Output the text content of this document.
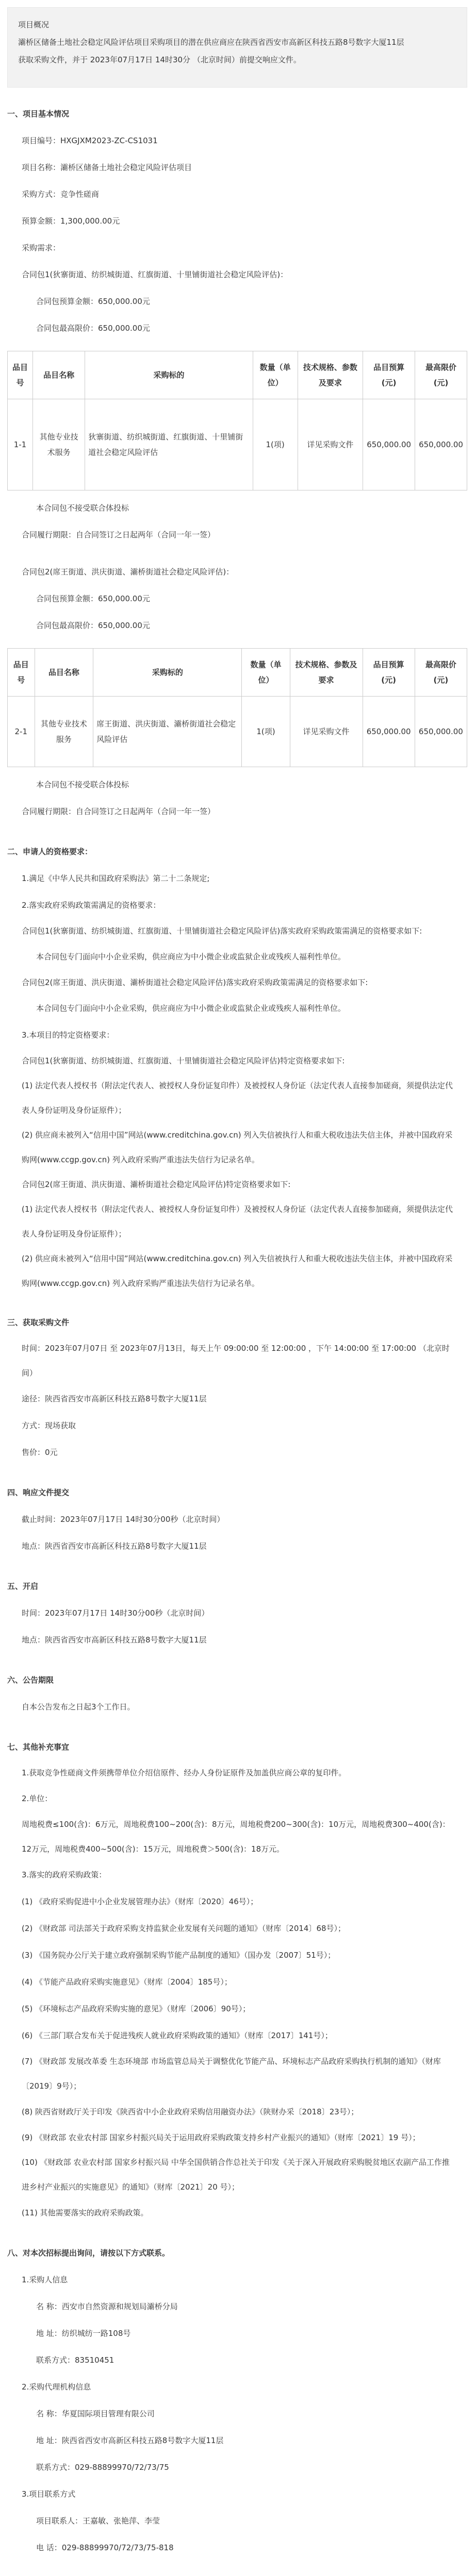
项目概况
灞桥区储备土地社会稳定风险评估项目采购项目的潜在供应商应在陕西省西安市高新区科技五路8号数字大厦11层
获取采购文件，并于 2023年07月17日 14时30分 （北京时间）前提交响应文件。

一、项目基本情况

项目编号：HXGJXM2023-ZC-CS1031

项目名称：灞桥区储备土地社会稳定风险评估项目

采购方式：竞争性磋商

预算金额：1,300,000.00元

采购需求：

合同包1(狄寨街道、纺织城街道、红旗街道、十里铺街道社会稳定风险评估)：

合同包预算金额：650,000.00元

合同包最高限价：650,000.00元

品目号	品目名称	采购标的	数量（单位）	技术规格、参数及要求	品目预算(元)	最高限价(元)
1-1	其他专业技术服务	狄寨街道、纺织城街道、红旗街道、十里铺街道社会稳定风险评估	1(项)	详见采购文件	650,000.00	650,000.00

本合同包不接受联合体投标

合同履行期限：自合同签订之日起两年（合同一年一签）

合同包2(席王街道、洪庆街道、灞桥街道社会稳定风险评估)：

合同包预算金额：650,000.00元

合同包最高限价：650,000.00元

品目号	品目名称	采购标的	数量（单位）	技术规格、参数及要求	品目预算(元)	最高限价(元)
2-1	其他专业技术服务	席王街道、洪庆街道、灞桥街道社会稳定风险评估	1(项)	详见采购文件	650,000.00	650,000.00

本合同包不接受联合体投标

合同履行期限：自合同签订之日起两年（合同一年一签）

二、申请人的资格要求：

1.满足《中华人民共和国政府采购法》第二十二条规定;

2.落实政府采购政策需满足的资格要求：

合同包1(狄寨街道、纺织城街道、红旗街道、十里铺街道社会稳定风险评估)落实政府采购政策需满足的资格要求如下:

本合同包专门面向中小企业采购，供应商应为中小微企业或监狱企业或残疾人福利性单位。

合同包2(席王街道、洪庆街道、灞桥街道社会稳定风险评估)落实政府采购政策需满足的资格要求如下:

本合同包专门面向中小企业采购，供应商应为中小微企业或监狱企业或残疾人福利性单位。

3.本项目的特定资格要求：

合同包1(狄寨街道、纺织城街道、红旗街道、十里铺街道社会稳定风险评估)特定资格要求如下:

(1) 法定代表人授权书（附法定代表人、被授权人身份证复印件）及被授权人身份证（法定代表人直接参加磋商，须提供法定代表人身份证明及身份证原件）；

(2) 供应商未被列入“信用中国”网站(www.creditchina.gov.cn) 列入失信被执行人和重大税收违法失信主体，并被中国政府采购网(www.ccgp.gov.cn) 列入政府采购严重违法失信行为记录名单。

合同包2(席王街道、洪庆街道、灞桥街道社会稳定风险评估)特定资格要求如下:

(1) 法定代表人授权书（附法定代表人、被授权人身份证复印件）及被授权人身份证（法定代表人直接参加磋商，须提供法定代表人身份证明及身份证原件）；

(2) 供应商未被列入“信用中国”网站(www.creditchina.gov.cn) 列入失信被执行人和重大税收违法失信主体，并被中国政府采购网(www.ccgp.gov.cn) 列入政府采购严重违法失信行为记录名单。

三、获取采购文件

时间：2023年07月07日 至 2023年07月13日，每天上午 09:00:00 至 12:00:00 ，下午 14:00:00 至 17:00:00 （北京时间）

途径：陕西省西安市高新区科技五路8号数字大厦11层

方式：现场获取

售价：0元

四、响应文件提交

截止时间：2023年07月17日 14时30分00秒（北京时间）

地点：陕西省西安市高新区科技五路8号数字大厦11层

五、开启

时间：2023年07月17日 14时30分00秒（北京时间）

地点：陕西省西安市高新区科技五路8号数字大厦11层

六、公告期限

自本公告发布之日起3个工作日。

七、其他补充事宜

1.获取竞争性磋商文件须携带单位介绍信原件、经办人身份证原件及加盖供应商公章的复印件。

2.单位：

周地税费≤100(含)：6万元，周地税费100~200(含)：8万元，周地税费200~300(含)：10万元，周地税费300~400(含)：12万元，周地税费400~500(含)：15万元，周地税费＞500(含)：18万元。

3.落实的政府采购政策：

(1) 《政府采购促进中小企业发展管理办法》（财库〔2020〕46号）；

(2) 《财政部 司法部关于政府采购支持监狱企业发展有关问题的通知》（财库〔2014〕68号）；

(3) 《国务院办公厅关于建立政府强制采购节能产品制度的通知》（国办发〔2007〕51号）；

(4) 《节能产品政府采购实施意见》（财库〔2004〕185号）；

(5) 《环境标志产品政府采购实施的意见》（财库〔2006〕90号）；

(6) 《三部门联合发布关于促进残疾人就业政府采购政策的通知》（财库〔2017〕141号）；

(7) 《财政部 发展改革委 生态环境部 市场监管总局关于调整优化节能产品、环境标志产品政府采购执行机制的通知》（财库〔2019〕9号）；

(8) 陕西省财政厅关于印发《陕西省中小企业政府采购信用融资办法》（陕财办采〔2018〕23号）；

(9) 《财政部 农业农村部 国家乡村振兴局关于运用政府采购政策支持乡村产业振兴的通知》（财库〔2021〕19 号）；

(10) 《财政部 农业农村部 国家乡村振兴局 中华全国供销合作总社关于印发《关于深入开展政府采购脱贫地区农副产品工作推进乡村产业振兴的实施意见》的通知》（财库〔2021〕20 号）；

(11) 其他需要落实的政府采购政策。

八、对本次招标提出询问，请按以下方式联系。

1.采购人信息

名 称：西安市自然资源和规划局灞桥分局

地 址：纺织城纺一路108号

联系方式：83510451

2.采购代理机构信息

名 称：华夏国际项目管理有限公司

地 址：陕西省西安市高新区科技五路8号数字大厦11层

联系方式：029-88899970/72/73/75

3.项目联系方式

项目联系人：王嘉敏、张艳萍、李莹

电 话：029-88899970/72/73/75-818
